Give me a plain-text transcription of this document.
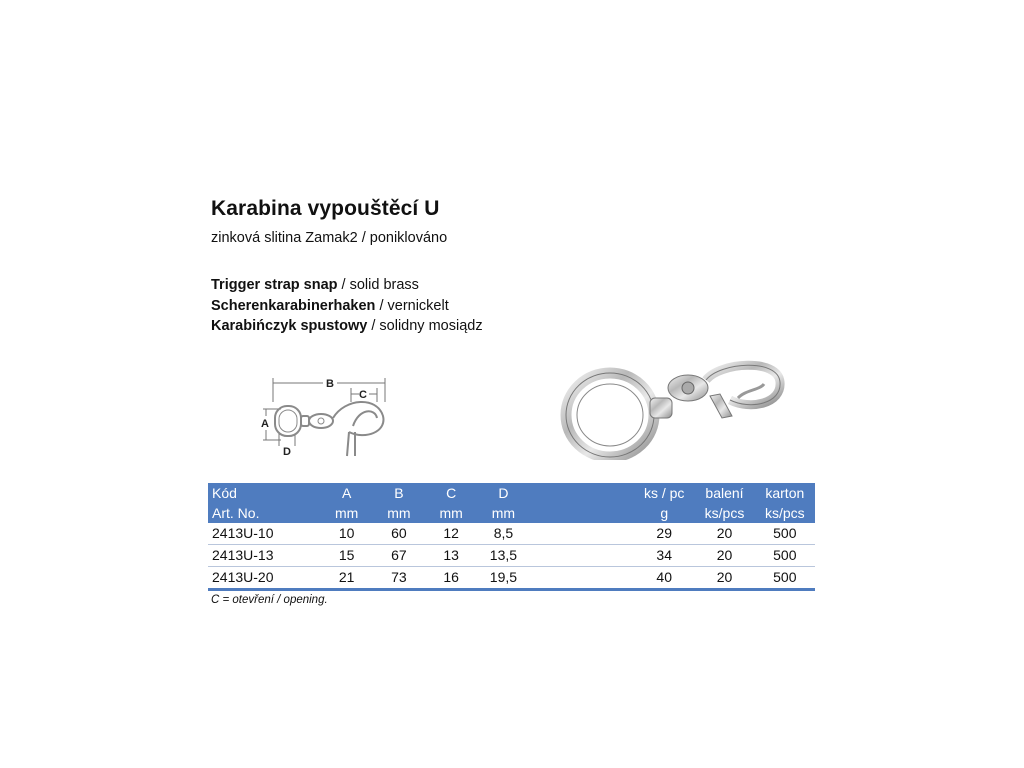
Karabina vypouštěcí U
zinková slitina Zamak2 / poniklováno
Trigger strap snap / solid brass
Scherenkarabinerhaken / vernickelt
Karabińczyk spustowy / solidny mosiądz
B
C
A
D
Kód	A	B	C	D		ks / pc	balení	karton
Art. No.	mm	mm	mm	mm		g	ks/pcs	ks/pcs
2413U-10	10	60	12	8,5		29	20	500
2413U-13	15	67	13	13,5		34	20	500
2413U-20	21	73	16	19,5		40	20	500
C = otevření / opening.
